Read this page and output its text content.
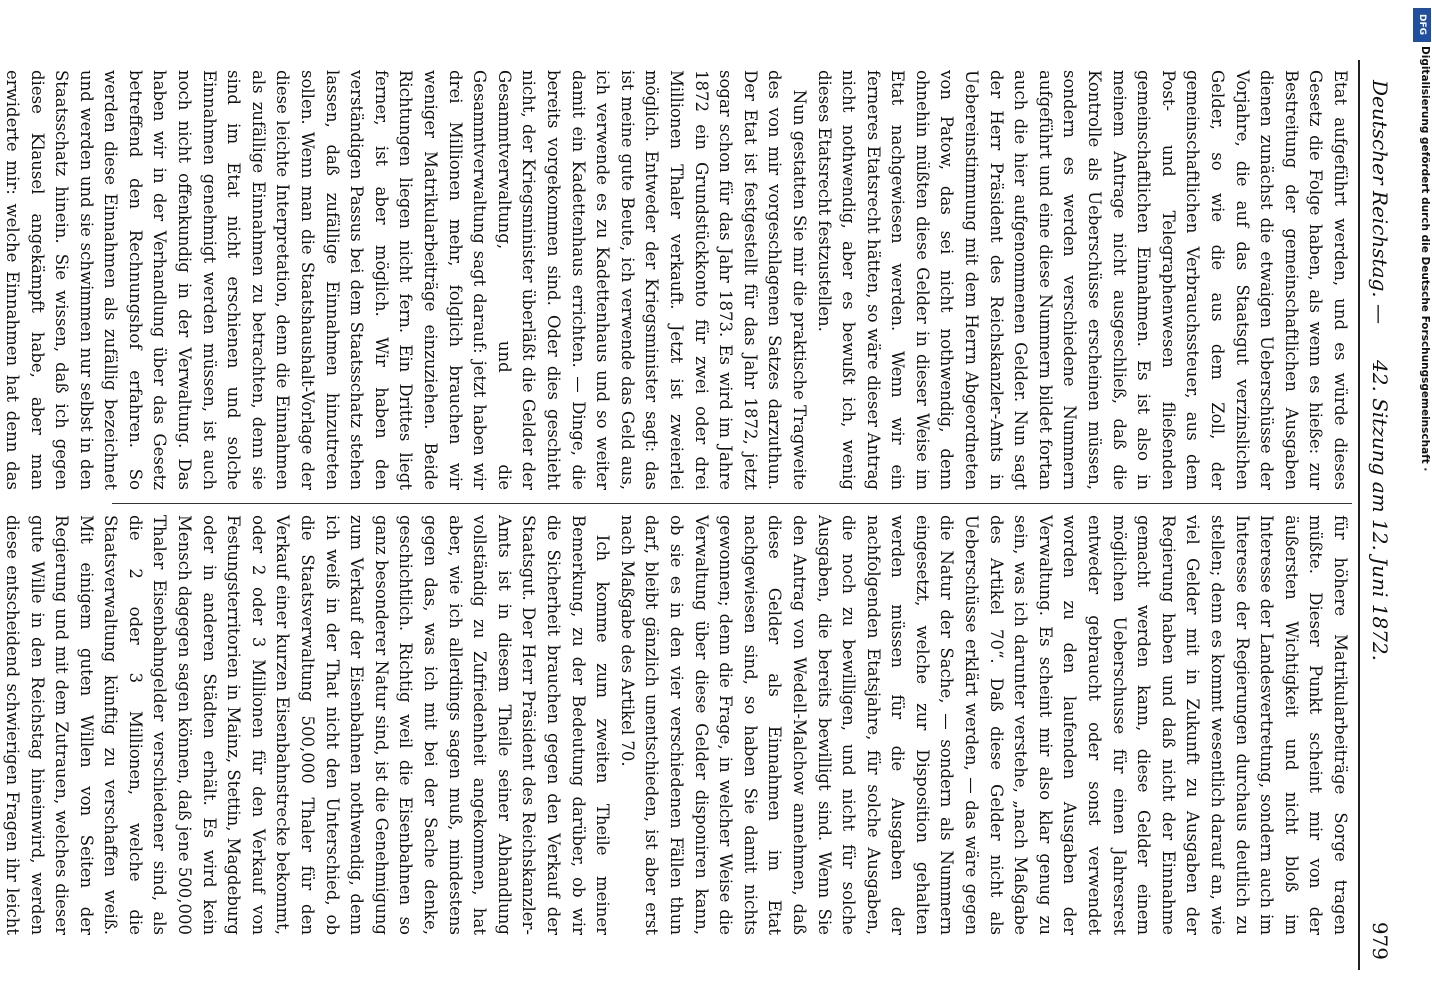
Deutscher Reichstag. —
42. Sitzung am 12. Juni 1872.
979

Etat aufgeführt werden, und es würde dieses Gesetz die Folge haben, als wenn es hieße: zur Bestreitung der gemeinschaftlichen Ausgaben dienen zunächst die etwaigen Ueberschüsse der Vorjahre, die auf das Staatsgut verzinslichen Gelder, so wie die aus dem Zoll, der gemeinschaftlichen Verbrauchssteuer, aus dem Post- und Telegraphenwesen fließenden gemeinschaftlichen Einnahmen. Es ist also in meinem Antrage nicht ausgeschließ, daß die Kontrolle als Ueberschüsse erscheinen müssen, sondern es werden verschiedene Nummern aufgeführt und eine diese Nummern bildet fortan auch die hier aufgenommenen Gelder. Nun sagt der Herr Präsident des Reichskanzler-Amts in Uebereinstimmung mit dem Herrn Abgeordneten von Patow, das sei nicht nothwendig, denn ohnehin müßten diese Gelder in dieser Weise im Etat nachgewiesen werden. Wenn wir ein ferneres Etatsrecht hätten, so wäre dieser Antrag nicht nothwendig, aber es bewußt ich, wenig dieses Etatsrecht festzustellen.

Nun gestatten Sie mir die praktische Tragweite des von mir vorgeschlagenen Satzes darzuthun. Der Etat ist festgestellt für das Jahr 1872, jetzt sogar schon für das Jahr 1873. Es wird im Jahre 1872 ein Grundstückkonto für zwei oder drei Millionen Thaler verkauft. Jetzt ist zweierlei möglich. Entweder der Kriegsminister sagt: das ist meine gute Beute, ich verwende das Geld aus, ich verwende es zu Kadettenhaus und so weiter damit ein Kadettenhaus errichten. — Dinge, die bereits vorgekommen sind. Oder dies geschieht nicht, der Kriegsminister überläßt die Gelder der Gesammtverwaltung, und die Gesammtverwaltung sagt darauf: jetzt haben wir drei Millionen mehr, folglich brauchen wir weniger Matrikularbeiträge einzuziehen. Beide Richtungen liegen nicht fern. Ein Drittes liegt ferner, ist aber möglich. Wir haben den verständigen Passus bei dem Staatsschatz stehen lassen, daß zufällige Einnahmen hinzutreten sollen. Wenn man die Staatshaushalt-Vorlage der diese leichte Interpretation, denn die Einnahmen als zufällige Einnahmen zu betrachten, denn sie sind im Etat nicht erschienen und solche Einnahmen genehmigt werden müssen, ist auch noch nicht offenkundig in der Verwaltung. Das haben wir in der Verhandlung über das Gesetz betreffend den Rechnungshof erfahren. So werden diese Einnahmen als zufällig bezeichnet und werden und sie schwimmen nur selbst in den Staatsschatz hinein. Sie wissen, daß ich gegen diese Klausel angekämpft habe, aber man erwiderte mir: welche Einnahmen hat denn das

für höhere Matrikularbeiträge Sorge tragen müßte. Dieser Punkt scheint mir von der äußersten Wichtigkeit und nicht bloß im Interesse der Landesvertretung, sondern auch im Interesse der Regierungen durchaus deutlich zu stellen; denn es kommt wesentlich darauf an, wie viel Gelder mit in Zukunft zu Ausgaben der Regierung haben und daß nicht der Einnahme gemacht werden kann, diese Gelder einem möglichen Ueberschusse für einen Jahresrest entweder gebraucht oder sonst verwendet worden zu den laufenden Ausgaben der Verwaltung. Es scheint mir also klar genug zu sein, was ich darunter verstehe, „nach Maßgabe des Artikel 70“. Daß diese Gelder nicht als Ueberschüsse erklärt werden, — das wäre gegen die Natur der Sache, — sondern als Nummern eingesetzt, welche zur Disposition gehalten werden müssen für die Ausgaben der nachfolgenden Etatsjahre, für solche Ausgaben, die noch zu bewilligen, und nicht für solche Ausgaben, die bereits bewilligt sind. Wenn Sie den Antrag von Wedell-Malchow annehmen, daß diese Gelder als Einnahmen im Etat nachgewiesen sind, so haben Sie damit nichts gewonnen; denn die Frage, in welcher Weise die Verwaltung über diese Gelder disponiren kann, ob sie es in den vier verschiedenen Fällen thun darf, bleibt gänzlich unentschieden, ist aber erst nach Maßgabe des Artikel 70.

Ich komme zum zweiten Theile meiner Bemerkung, zu der Bedeutung darüber, ob wir die Sicherheit brauchen gegen den Verkauf der Staatsgut. Der Herr Präsident des Reichskanzler-Amts ist in diesem Theile seiner Abhandlung vollständig zu Zufriedenheit angekommen, hat aber, wie ich allerdings sagen muß, mindestens gegen das, was ich mit bei der Sache denke, geschichtlich. Richtig weil die Eisenbahnen so ganz besonderer Natur sind, ist die Genehmigung zum Verkauf der Eisenbahnen nothwendig, denn ich weiß in der That nicht den Unterschied, ob die Staatsverwaltung 500,000 Thaler für den Verkauf einer kurzen Eisenbahnstrecke bekommt, oder 2 oder 3 Millionen für den Verkauf von Festungsterritorien in Mainz, Stettin, Magdeburg oder in anderen Städten erhält. Es wird kein Mensch dagegen sagen können, daß jene 500,000 Thaler Eisenbahngelder verschiedener sind, als die 2 oder 3 Millionen, welche die Staatsverwaltung künftig zu verschaffen weiß. Mit einigem guten Willen von Seiten der Regierung und mit dem Zutrauen, welches dieser gute Wille in den Reichstag hineinwird, werden diese entscheidend schwierigen Fragen ihr leicht

DFG
Digitalisierung gefördert durch die Deutsche Forschungsgemeinschaft ·
